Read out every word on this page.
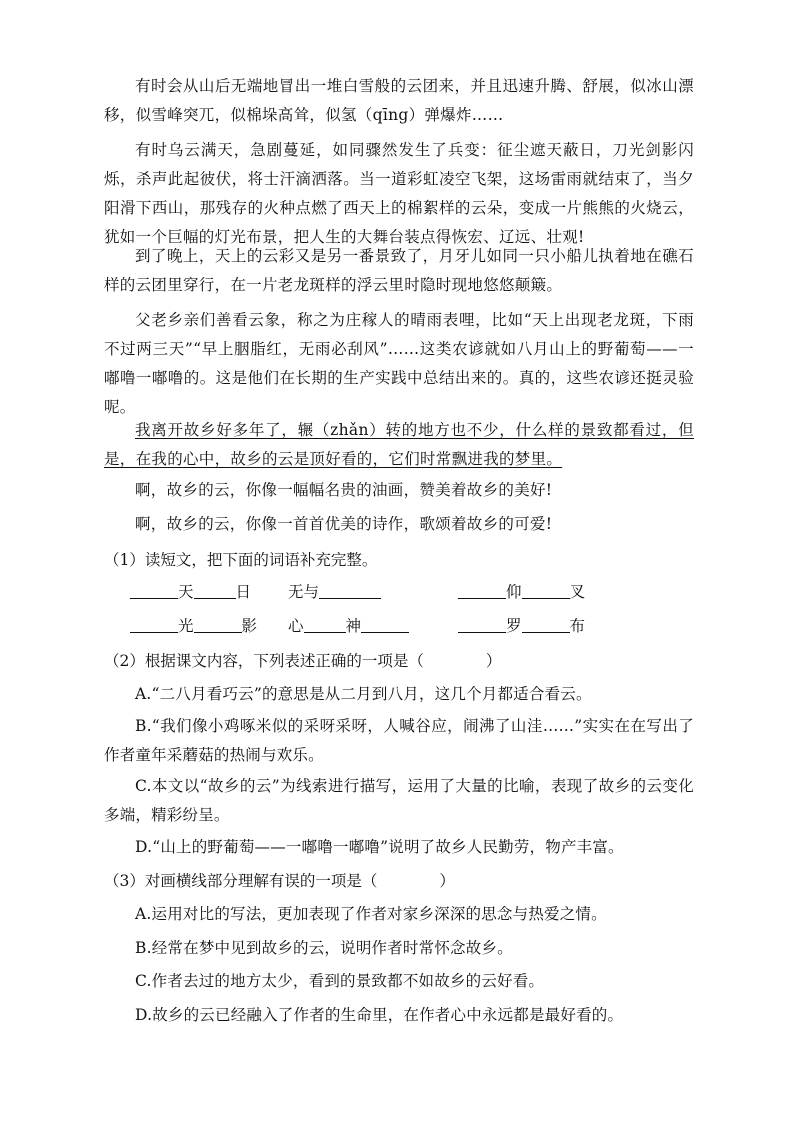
有时会从山后无端地冒出一堆白雪般的云团来，并且迅速升腾、舒展，似冰山漂移，似雪峰突兀，似棉垛高耸，似氢（qīng）弹爆炸……

有时乌云满天，急剧蔓延，如同骤然发生了兵变：征尘遮天蔽日，刀光剑影闪烁，杀声此起彼伏，将士汗滴洒落。当一道彩虹凌空飞架，这场雷雨就结束了，当夕阳滑下西山，那残存的火种点燃了西天上的棉絮样的云朵，变成一片熊熊的火烧云，犹如一个巨幅的灯光布景，把人生的大舞台装点得恢宏、辽远、壮观!

到了晚上，天上的云彩又是另一番景致了，月牙儿如同一只小船儿执着地在礁石样的云团里穿行，在一片老龙斑样的浮云里时隐时现地悠悠颠簸。

父老乡亲们善看云象，称之为庄稼人的晴雨表哩，比如“天上出现老龙斑，下雨不过两三天”“早上胭脂红，无雨必刮风”……这类农谚就如八月山上的野葡萄——一嘟噜一嘟噜的。这是他们在长期的生产实践中总结出来的。真的，这些农谚还挺灵验呢。

我离开故乡好多年了，辗（zhǎn）转的地方也不少，什么样的景致都看过，但是，在我的心中，故乡的云是顶好看的，它们时常飘进我的梦里。

啊，故乡的云，你像一幅幅名贵的油画，赞美着故乡的美好!

啊，故乡的云，你像一首首优美的诗作，歌颂着故乡的可爱!

（1）读短文，把下面的词语补充完整。

天	日 无与	仰	叉
光	影 心	神	罗	布

（2）根据课文内容，下列表述正确的一项是（　　　　）

A.“二八月看巧云”的意思是从二月到八月，这几个月都适合看云。

B.“我们像小鸡啄米似的采呀采呀，人喊谷应，闹沸了山洼……”实实在在写出了作者童年采蘑菇的热闹与欢乐。

C.本文以“故乡的云”为线索进行描写，运用了大量的比喻，表现了故乡的云变化多端，精彩纷呈。

D.“山上的野葡萄——一嘟噜一嘟噜”说明了故乡人民勤劳，物产丰富。

（3）对画横线部分理解有误的一项是（　　　　）

A.运用对比的写法，更加表现了作者对家乡深深的思念与热爱之情。

B.经常在梦中见到故乡的云，说明作者时常怀念故乡。

C.作者去过的地方太少，看到的景致都不如故乡的云好看。

D.故乡的云已经融入了作者的生命里，在作者心中永远都是最好看的。
